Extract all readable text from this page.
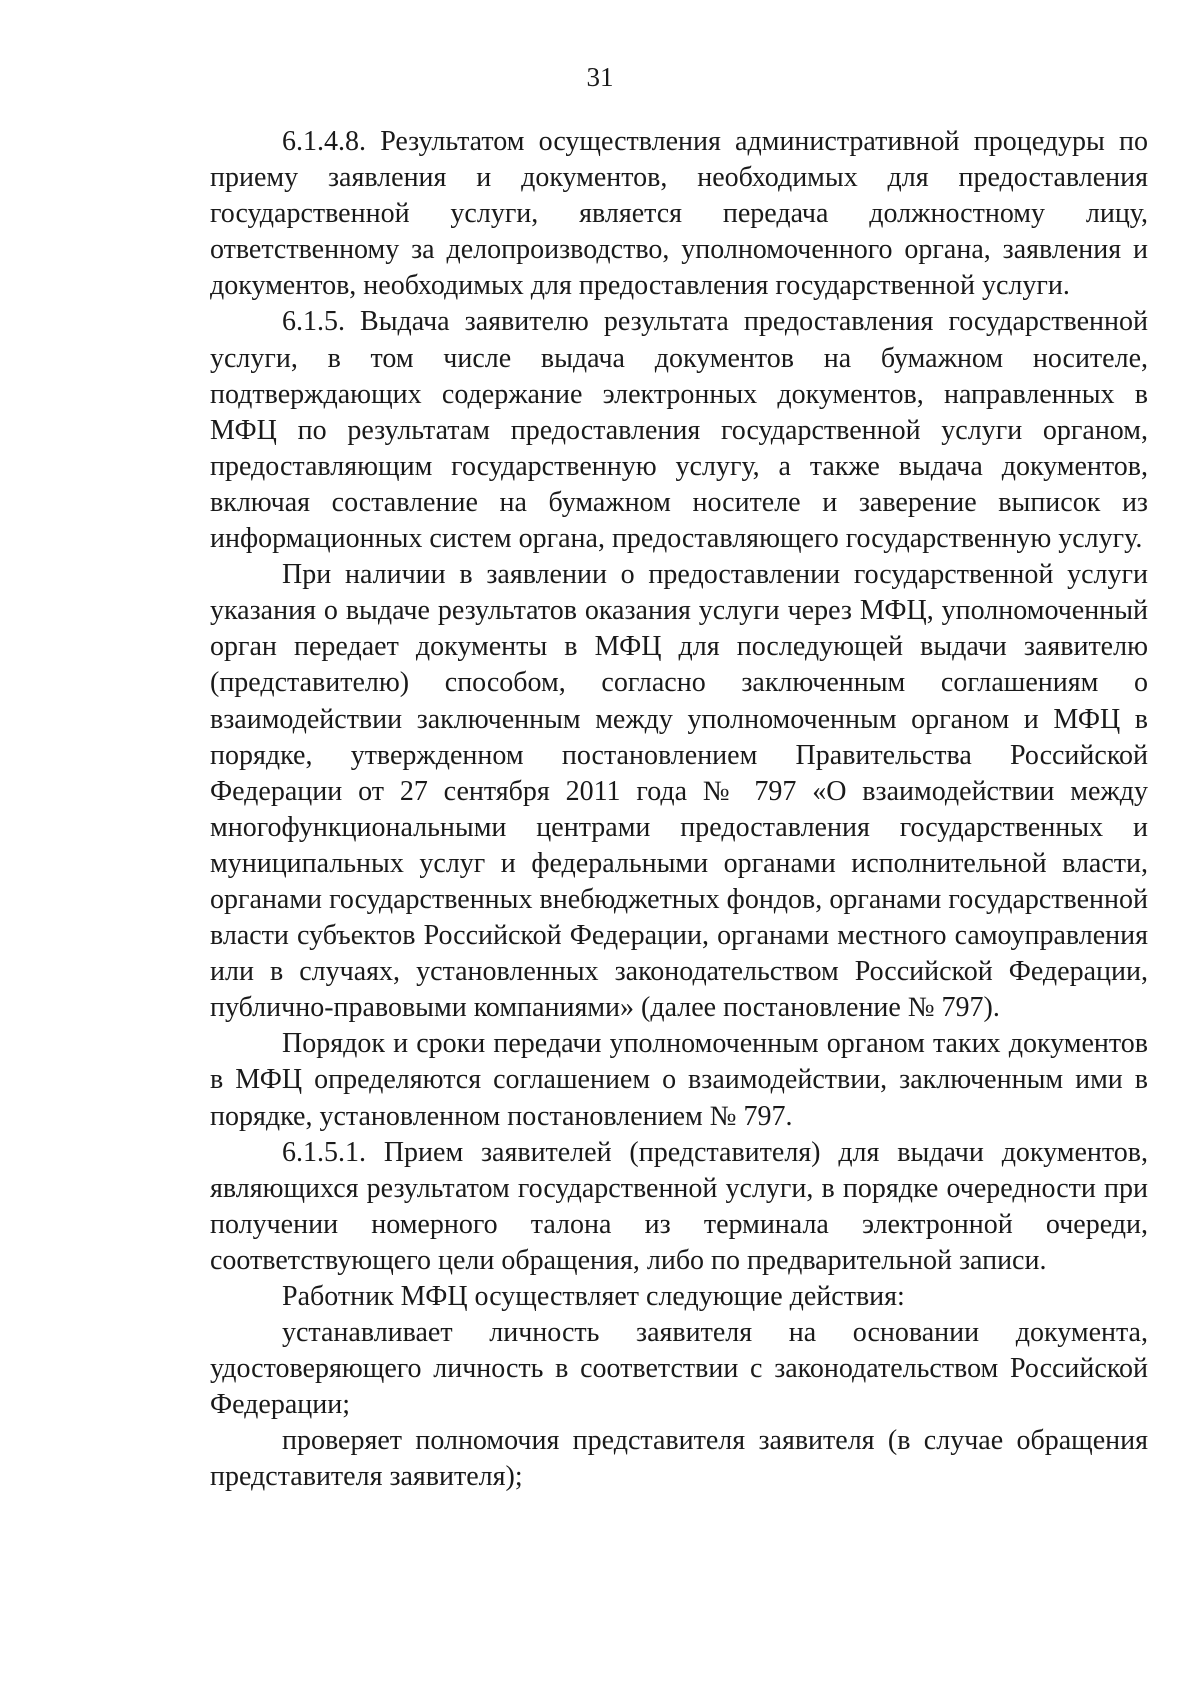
31

6.1.4.8. Результатом осуществления административной процедуры по приему заявления и документов, необходимых для предоставления государственной услуги, является передача должностному лицу, ответственному за делопроизводство, уполномоченного органа, заявления и документов, необходимых для предоставления государственной услуги.

6.1.5. Выдача заявителю результата предоставления государственной услуги, в том числе выдача документов на бумажном носителе, подтверждающих содержание электронных документов, направленных в МФЦ по результатам предоставления государственной услуги органом, предоставляющим государственную услугу, а также выдача документов, включая составление на бумажном носителе и заверение выписок из информационных систем органа, предоставляющего государственную услугу.

При наличии в заявлении о предоставлении государственной услуги указания о выдаче результатов оказания услуги через МФЦ, уполномоченный орган передает документы в МФЦ для последующей выдачи заявителю (представителю) способом, согласно заключенным соглашениям о взаимодействии заключенным между уполномоченным органом и МФЦ в порядке, утвержденном постановлением Правительства Российской Федерации от 27 сентября 2011 года № 797 «О взаимодействии между многофункциональными центрами предоставления государственных и муниципальных услуг и федеральными органами исполнительной власти, органами государственных внебюджетных фондов, органами государственной власти субъектов Российской Федерации, органами местного самоуправления или в случаях, установленных законодательством Российской Федерации, публично-правовыми компаниями» (далее постановление № 797).

Порядок и сроки передачи уполномоченным органом таких документов в МФЦ определяются соглашением о взаимодействии, заключенным ими в порядке, установленном постановлением № 797.

6.1.5.1. Прием заявителей (представителя) для выдачи документов, являющихся результатом государственной услуги, в порядке очередности при получении номерного талона из терминала электронной очереди, соответствующего цели обращения, либо по предварительной записи.

Работник МФЦ осуществляет следующие действия:

устанавливает личность заявителя на основании документа, удостоверяющего личность в соответствии с законодательством Российской Федерации;

проверяет полномочия представителя заявителя (в случае обращения представителя заявителя);
